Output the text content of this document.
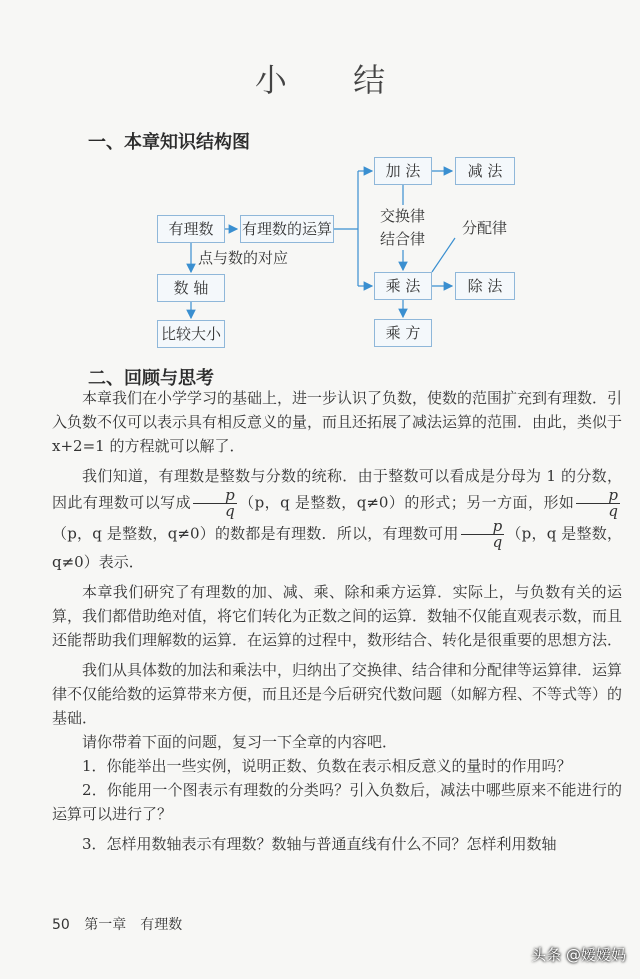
小 结
一、本章知识结构图
有理数	有理数的运算
加 法	减 法
乘 法	除 法
乘 方
数 轴
比较大小
点与数的对应
交换律
结合律
分配律
二、回顾与思考

本章我们在小学学习的基础上，进一步认识了负数，使数的范围扩充到有理数．引入负数不仅可以表示具有相反意义的量，而且还拓展了减法运算的范围．由此，类似于 x+2=1 的方程就可以解了．

我们知道，有理数是整数与分数的统称．由于整数可以看成是分母为 1 的分数，因此有理数可以写成 $\frac{p}{q} (p$，q 是整数，q≠0）的形式；另一方面，形如 $\frac{p}{q}$
（p，q 是整数，q≠0）的数都是有理数．所以，有理数可用 $\frac{p}{q} (p$，q 是整数，q≠0）表示．

本章我们研究了有理数的加、减、乘、除和乘方运算．实际上，与负数有关的运算，我们都借助绝对值，将它们转化为正数之间的运算．数轴不仅能直观表示数，而且还能帮助我们理解数的运算．在运算的过程中，数形结合、转化是很重要的思想方法．

我们从具体数的加法和乘法中，归纳出了交换律、结合律和分配律等运算律．运算律不仅能给数的运算带来方便，而且还是今后研究代数问题（如解方程、不等式等）的基础．

请你带着下面的问题，复习一下全章的内容吧．

1．你能举出一些实例，说明正数、负数在表示相反意义的量时的作用吗？

2．你能用一个图表示有理数的分类吗？引入负数后，减法中哪些原来不能进行的运算可以进行了？

3．怎样用数轴表示有理数？数轴与普通直线有什么不同？怎样利用数轴

50 第一章　有理数
头条 @嫒嫒妈
